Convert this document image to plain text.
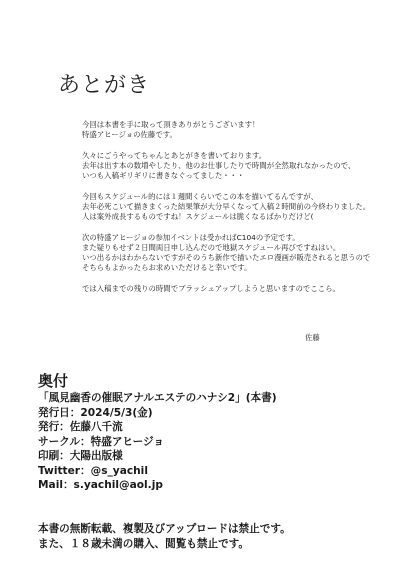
あとがき
今回は本書を手に取って頂きありがとうございます！
特盛アヒージョの佐藤です。
久々にごうやってちゃんとあとがきを書いております。
去年は出す本の数増やしたり、他のお仕事したりで時間が全然取れなかったので、
いつも入稿ギリギリに書きなぐってました・・・
今回もスケジュール的には１週間くらいでこの本を描いてるんですが、
去年必死こいて描きまくった結果筆が大分早くなって入稿２時間前の今終わりました。
人は案外成長するものですね！スケジュールは脆くなるばかりだけど(
次の特盛アヒージョの参加イベントは受かればC104の予定です。
また疑りもせず２日間両日申し込んだので地獄スケジュール再びですねはい。
いつ出るかはわからないですがそのうち新作で描いたエロ漫画が販売されると思うので
そちらもよかったらお求めいただけると幸いです。
では入稿までの残りの時間でブラッシュアップしようと思いますのでここら。
佐藤
奥付
「風見幽香の催眠アナルエステのハナシ2」(本書)
発行日：2024/5/3(金)
発行：佐藤八千流
サークル：特盛アヒージョ
印刷：大陽出版様
Twitter：@s_yachil
Mail：s.yachil@aol.jp
本書の無断転載、複製及びアップロードは禁止です。
また、１８歳未満の購入、閲覧も禁止です。
·
